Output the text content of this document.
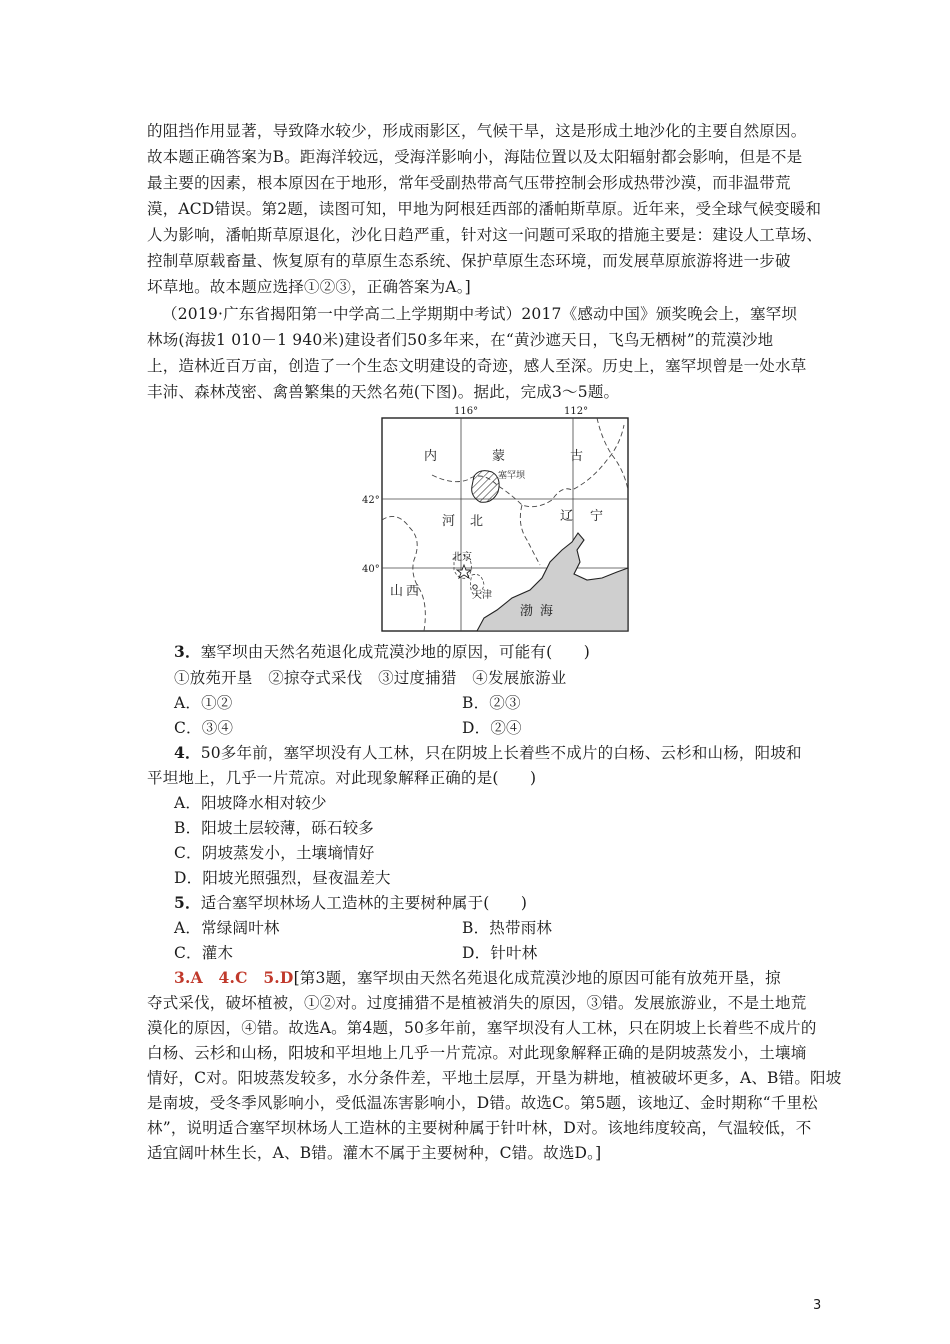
的阻挡作用显著，导致降水较少，形成雨影区，气候干旱，这是形成土地沙化的主要自然原因。
故本题正确答案为B。距海洋较远，受海洋影响小，海陆位置以及太阳辐射都会影响，但是不是
最主要的因素，根本原因在于地形，常年受副热带高气压带控制会形成热带沙漠，而非温带荒
漠，ACD错误。第2题，读图可知，甲地为阿根廷西部的潘帕斯草原。近年来，受全球气候变暖和
人为影响，潘帕斯草原退化，沙化日趋严重，针对这一问题可采取的措施主要是：建设人工草场、
控制草原载畜量、恢复原有的草原生态系统、保护草原生态环境，而发展草原旅游将进一步破
坏草地。故本题应选择①②③，正确答案为A。]
（2019·广东省揭阳第一中学高二上学期期中考试）2017《感动中国》颁奖晚会上，塞罕坝
林场(海拔1 010－1 940米)建设者们50多年来，在“黄沙遮天日，飞鸟无栖树”的荒漠沙地
上，造林近百万亩，创造了一个生态文明建设的奇迹，感人至深。历史上，塞罕坝曾是一处水草
丰沛、森林茂密、禽兽繁集的天然名苑(下图)。据此，完成3～5题。
116°	112°
42°
40°
内	蒙	古
塞罕坝
河 北	辽 宁
北京
山 西	天津
渤 海
3．塞罕坝由天然名苑退化成荒漠沙地的原因，可能有(　　)
①放苑开垦　②掠夺式采伐　③过度捕猎　④发展旅游业
A．①②	B．②③
C．③④	D．②④
4．50多年前，塞罕坝没有人工林，只在阴坡上长着些不成片的白杨、云杉和山杨，阳坡和
平坦地上，几乎一片荒凉。对此现象解释正确的是(　　)
A．阳坡降水相对较少
B．阳坡土层较薄，砾石较多
C．阴坡蒸发小，土壤墒情好
D．阳坡光照强烈，昼夜温差大
5．适合塞罕坝林场人工造林的主要树种属于(　　)
A．常绿阔叶林	B．热带雨林
C．灌木	D．针叶林
3.A　4.C　5.D[第3题，塞罕坝由天然名苑退化成荒漠沙地的原因可能有放苑开垦，掠
夺式采伐，破坏植被，①②对。过度捕猎不是植被消失的原因，③错。发展旅游业，不是土地荒
漠化的原因，④错。故选A。第4题，50多年前，塞罕坝没有人工林，只在阴坡上长着些不成片的
白杨、云杉和山杨，阳坡和平坦地上几乎一片荒凉。对此现象解释正确的是阴坡蒸发小，土壤墒
情好，C对。阳坡蒸发较多，水分条件差，平地土层厚，开垦为耕地，植被破坏更多，A、B错。阳坡
是南坡，受冬季风影响小，受低温冻害影响小，D错。故选C。第5题，该地辽、金时期称“千里松
林”，说明适合塞罕坝林场人工造林的主要树种属于针叶林，D对。该地纬度较高，气温较低，不
适宜阔叶林生长，A、B错。灌木不属于主要树种，C错。故选D。]
3
